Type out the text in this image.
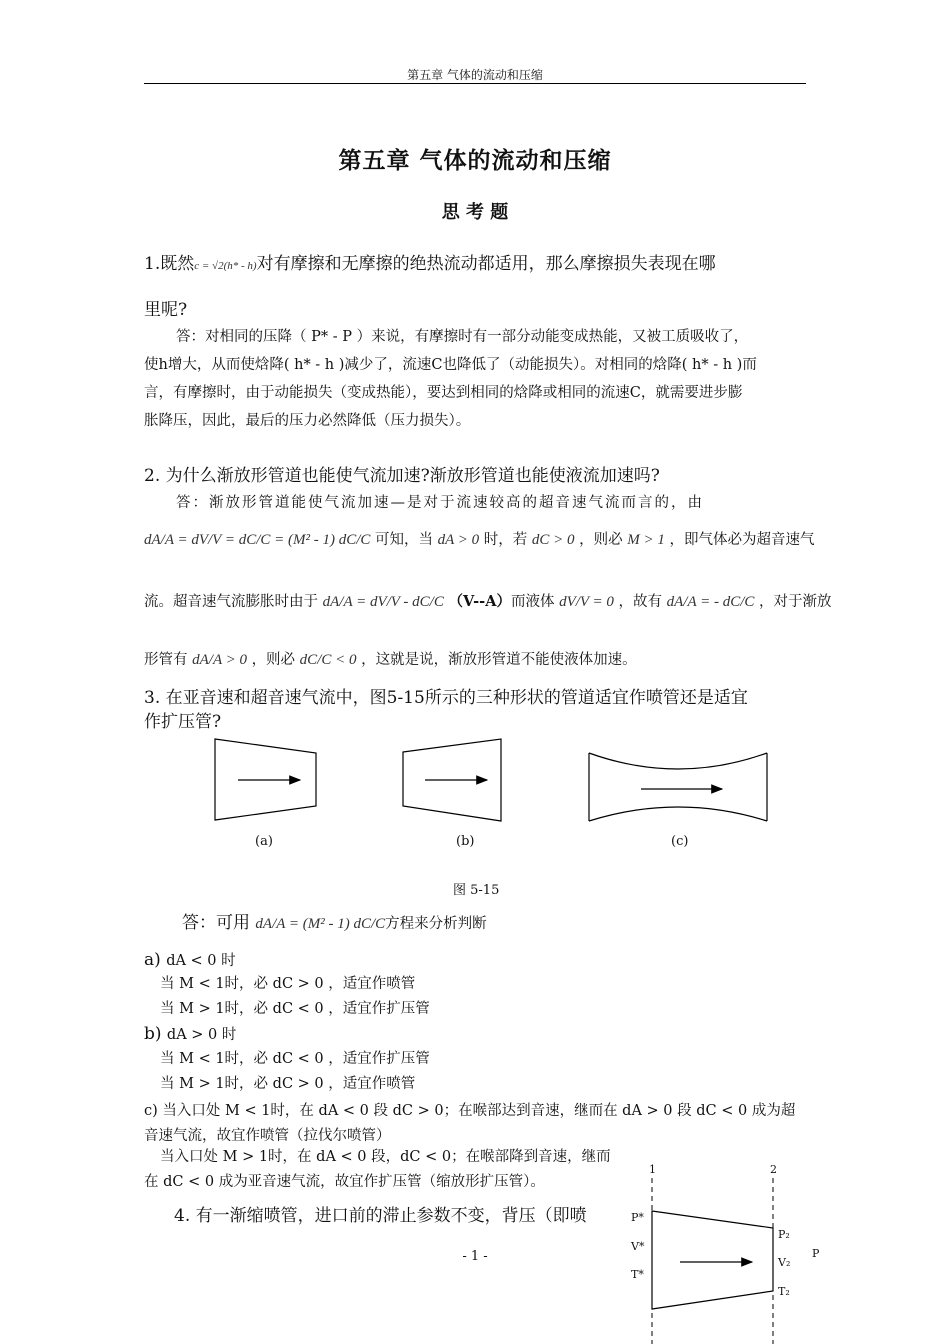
第五章 气体的流动和压缩
第五章 气体的流动和压缩
思 考 题
1.既然c = √2(h* - h)对有摩擦和无摩擦的绝热流动都适用，那么摩擦损失表现在哪
里呢?
答：对相同的压降（ P* - P ）来说，有摩擦时有一部分动能变成热能，又被工质吸收了，
使h增大，从而使焓降( h* - h )减少了，流速C也降低了（动能损失）。对相同的焓降( h* - h )而
言，有摩擦时，由于动能损失（变成热能），要达到相同的焓降或相同的流速C，就需要进步膨
胀降压，因此，最后的压力必然降低（压力损失）。
2. 为什么渐放形管道也能使气流加速?渐放形管道也能使液流加速吗?
答：渐放形管道能使气流加速—是对于流速较高的超音速气流而言的，由
dA/A = dV/V = dC/C = (M² - 1) dC/C 可知，当 dA > 0 时，若 dC > 0 ，则必 M > 1 ，即气体必为超音速气
流。超音速气流膨胀时由于 dA/A = dV/V - dC/C （V--A）而液体 dV/V = 0 ，故有 dA/A = - dC/C ，对于渐放
形管有 dA/A > 0 ，则必 dC/C < 0 ，这就是说，渐放形管道不能使液体加速。
3. 在亚音速和超音速气流中，图5-15所示的三种形状的管道适宜作喷管还是适宜
作扩压管?
(a)	(b)	(c)
图 5-15
答：可用 dA/A = (M² - 1) dC/C方程来分析判断
a) dA < 0 时
当 M < 1时，必 dC > 0 ，适宜作喷管
当 M > 1时，必 dC < 0 ，适宜作扩压管
b) dA > 0 时
当 M < 1时，必 dC < 0 ，适宜作扩压管
当 M > 1时，必 dC > 0 ，适宜作喷管
c) 当入口处 M < 1时，在 dA < 0 段 dC > 0；在喉部达到音速，继而在 dA > 0 段 dC < 0 成为超
音速气流，故宜作喷管（拉伐尔喷管）
当入口处 M > 1时，在 dA < 0 段，dC < 0；在喉部降到音速，继而
在 dC < 0 成为亚音速气流，故宜作扩压管（缩放形扩压管）。
4. 有一渐缩喷管，进口前的滞止参数不变，背压（即喷
1	2
P*
V*
T*
P₂
V₂
T₂
P
- 1 -
